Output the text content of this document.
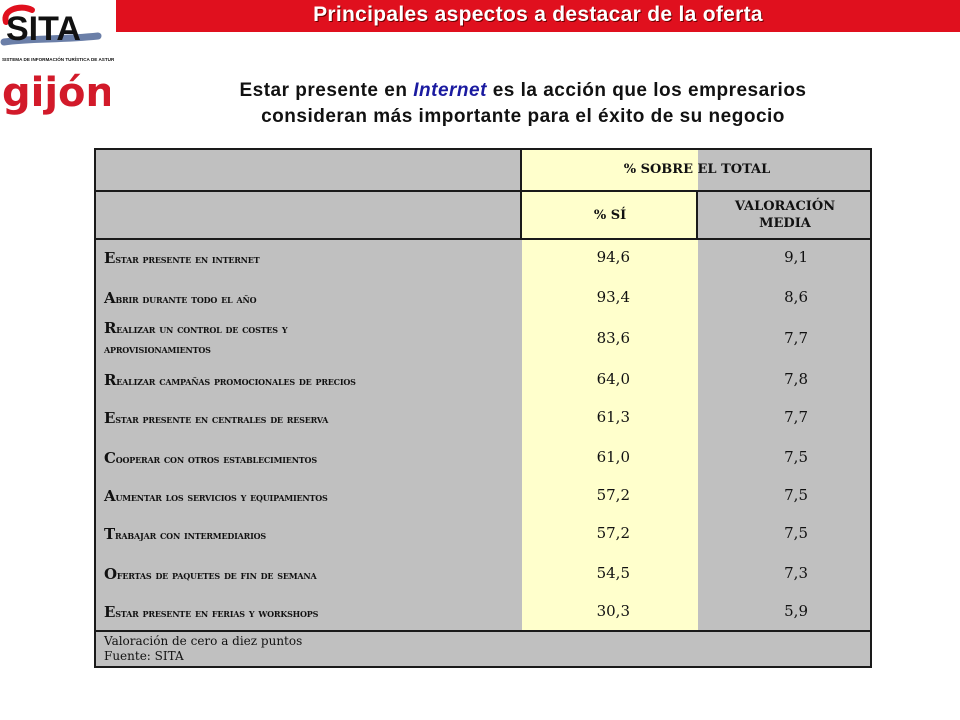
Principales aspectos a destacar de la oferta
SITA
SISTEMA DE INFORMACIÓN TURÍSTICA DE ASTURIAS
gijón	Estar presente en Internet es la acción que los empresarios
consideran más importante para el éxito de su negocio
% SOBRE EL TOTAL
% SÍ
VALORACIÓN
MEDIA
Estar presente en internet	94,6	9,1
Abrir durante todo el año	93,4	8,6
Realizar un control de costes y
aprovisionamientos
83,6	7,7
Realizar campañas promocionales de precios	64,0	7,8
Estar presente en centrales de reserva	61,3	7,7
Cooperar con otros establecimientos	61,0	7,5
Aumentar los servicios y equipamientos	57,2	7,5
Trabajar con intermediarios	57,2	7,5
Ofertas de paquetes de fin de semana	54,5	7,3
Estar presente en ferias y workshops	30,3	5,9
Valoración de cero a diez puntos
Fuente: SITA
